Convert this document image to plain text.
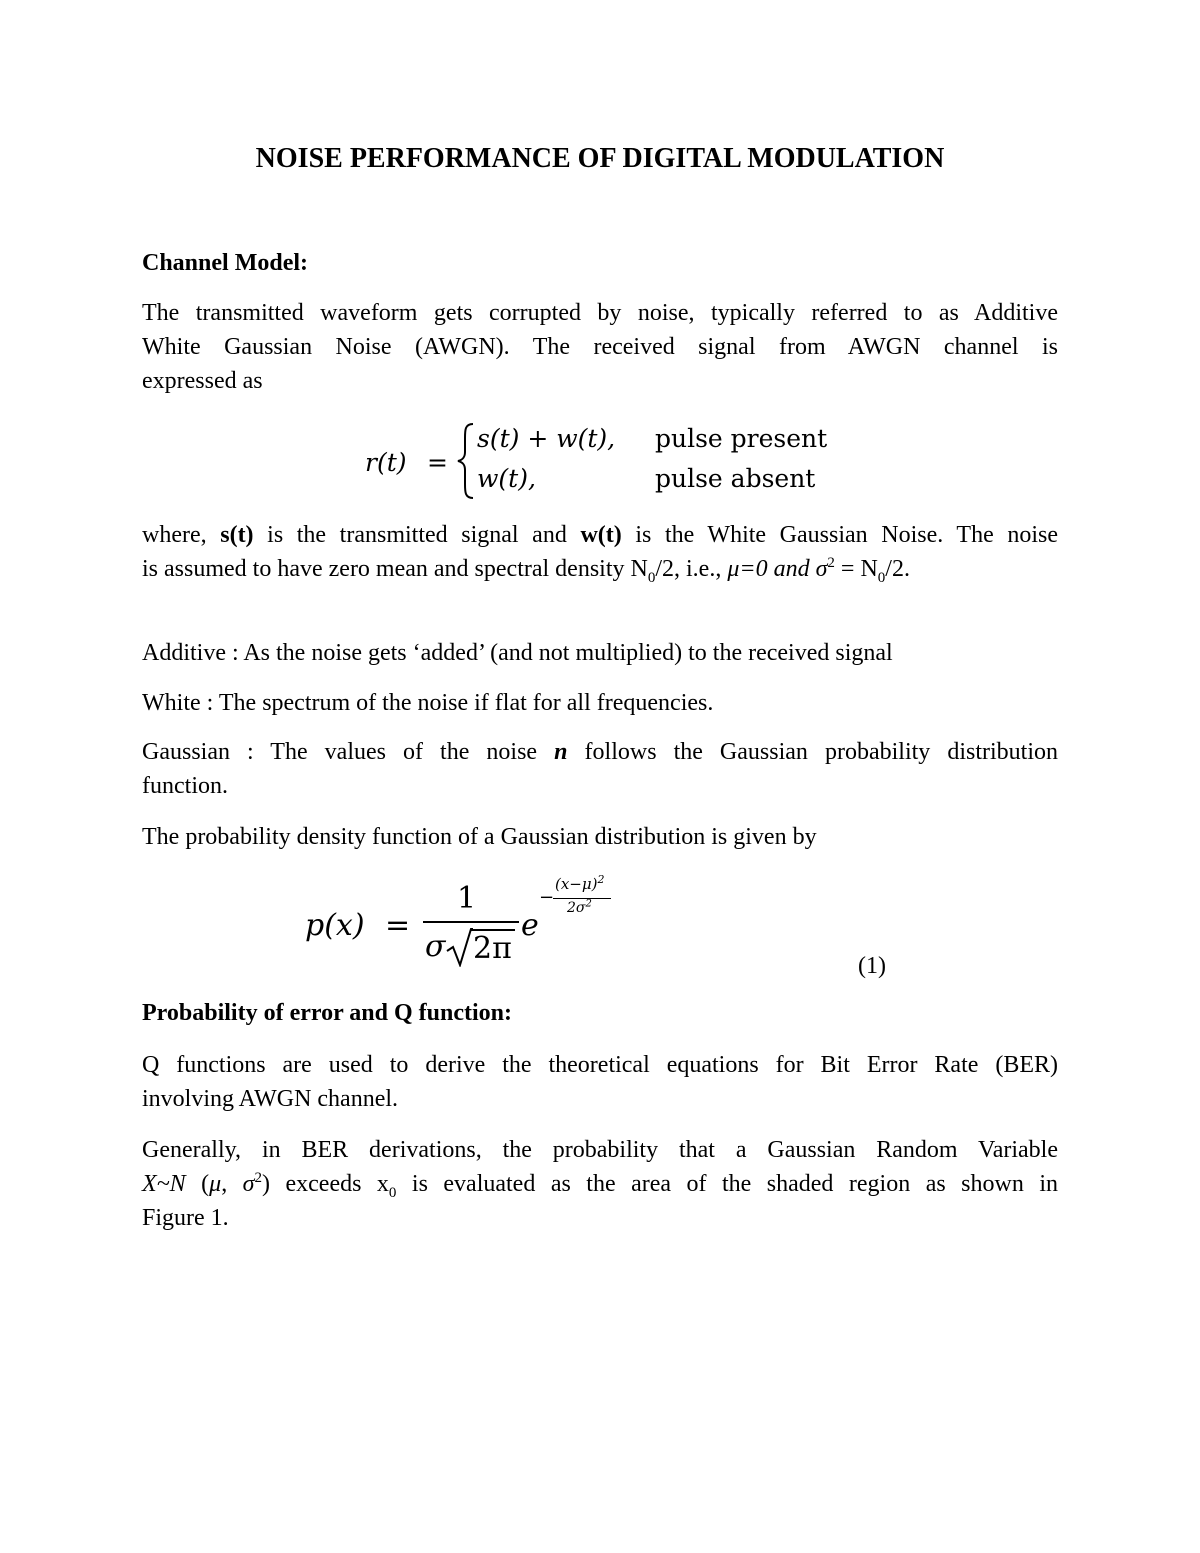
NOISE PERFORMANCE OF DIGITAL MODULATION
Channel Model:
The transmitted waveform gets corrupted by noise, typically referred to as Additive
White Gaussian Noise (AWGN). The received signal from AWGN channel is
expressed as
r(t) =
s(t) + w(t), pulse present
w(t),	pulse absent
where, s(t) is the transmitted signal and w(t) is the White Gaussian Noise. The noise
is assumed to have zero mean and spectral density $N_0/2$, i.e., μ=0 and $\sigma^2 = N_0/2$.
Additive : As the noise gets ‘added’ (and not multiplied) to the received signal
White : The spectrum of the noise if flat for all frequencies.
Gaussian : The values of the noise n follows the Gaussian probability distribution
function.
The probability density function of a Gaussian distribution is given by
p(x) =
1
σ 2π
e
−
$(x-\mu)^2$
$2\sigma^2$
(1)
Probability of error and Q function:
Q functions are used to derive the theoretical equations for Bit Error Rate (BER)
involving AWGN channel.
Generally, in BER derivations, the probability that a Gaussian Random Variable
X~N (μ, $\sigma^2$) exceeds $x_0$ is evaluated as the area of the shaded region as shown in
Figure 1.
